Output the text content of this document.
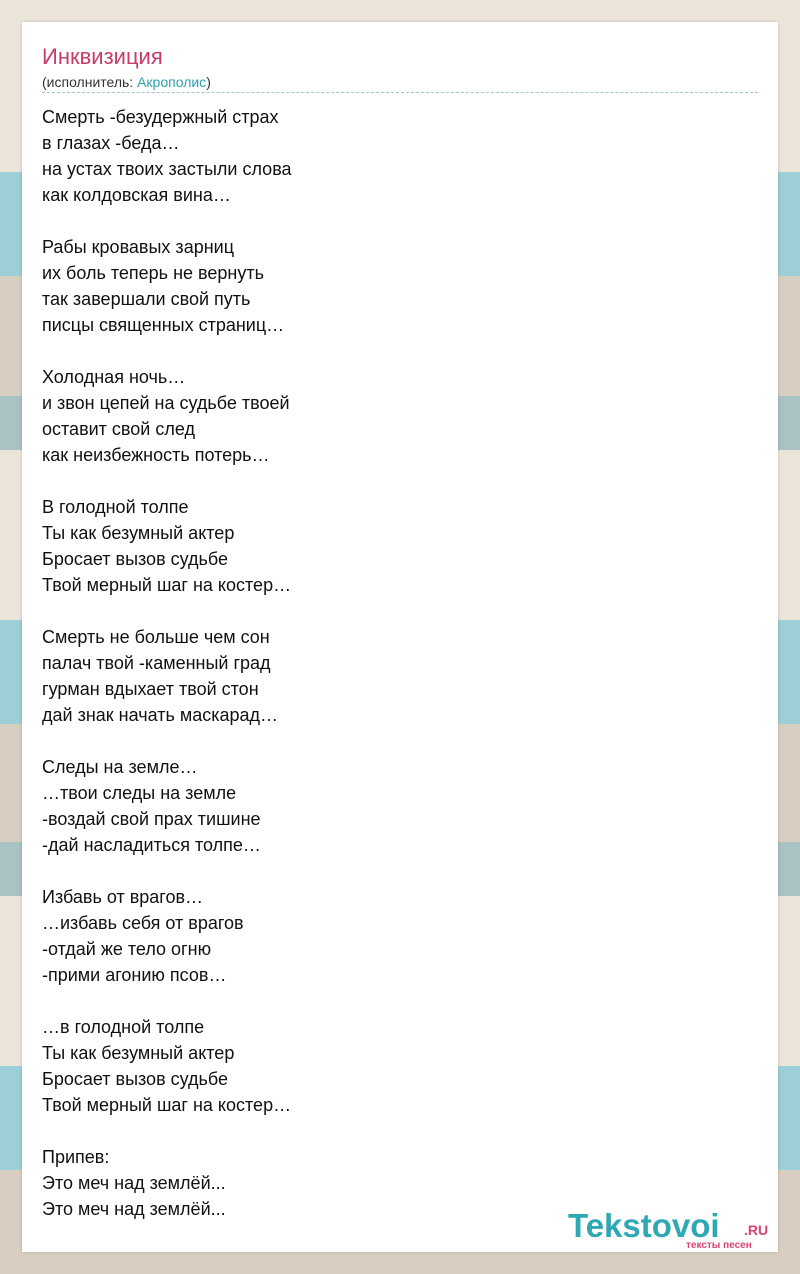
Инквизиция
(исполнитель: Акрополис)
Смерть -безудержный страх
в глазах -беда…
на устах твоих застыли слова
как колдовская вина…
Рабы кровавых зарниц
их боль теперь не вернуть
так завершали свой путь
писцы священных страниц…
Холодная ночь…
и звон цепей на судьбе твоей
оставит свой след
как неизбежность потерь…
В голодной толпе
Ты как безумный актер
Бросает вызов судьбе
Твой мерный шаг на костер…
Смерть не больше чем сон
палач твой -каменный град
гурман вдыхает твой стон
дай знак начать маскарад…
Следы на земле…
…твои следы на земле
-воздай свой прах тишине
-дай насладиться толпе…
Избавь от врагов…
…избавь себя от врагов
-отдай же тело огню
-прими агонию псов…
…в голодной толпе
Ты как безумный актер
Бросает вызов судьбе
Твой мерный шаг на костер…
Припев:
Это меч над землёй...
Это меч над землёй...	Tekstovoi .RU
тексты песен
